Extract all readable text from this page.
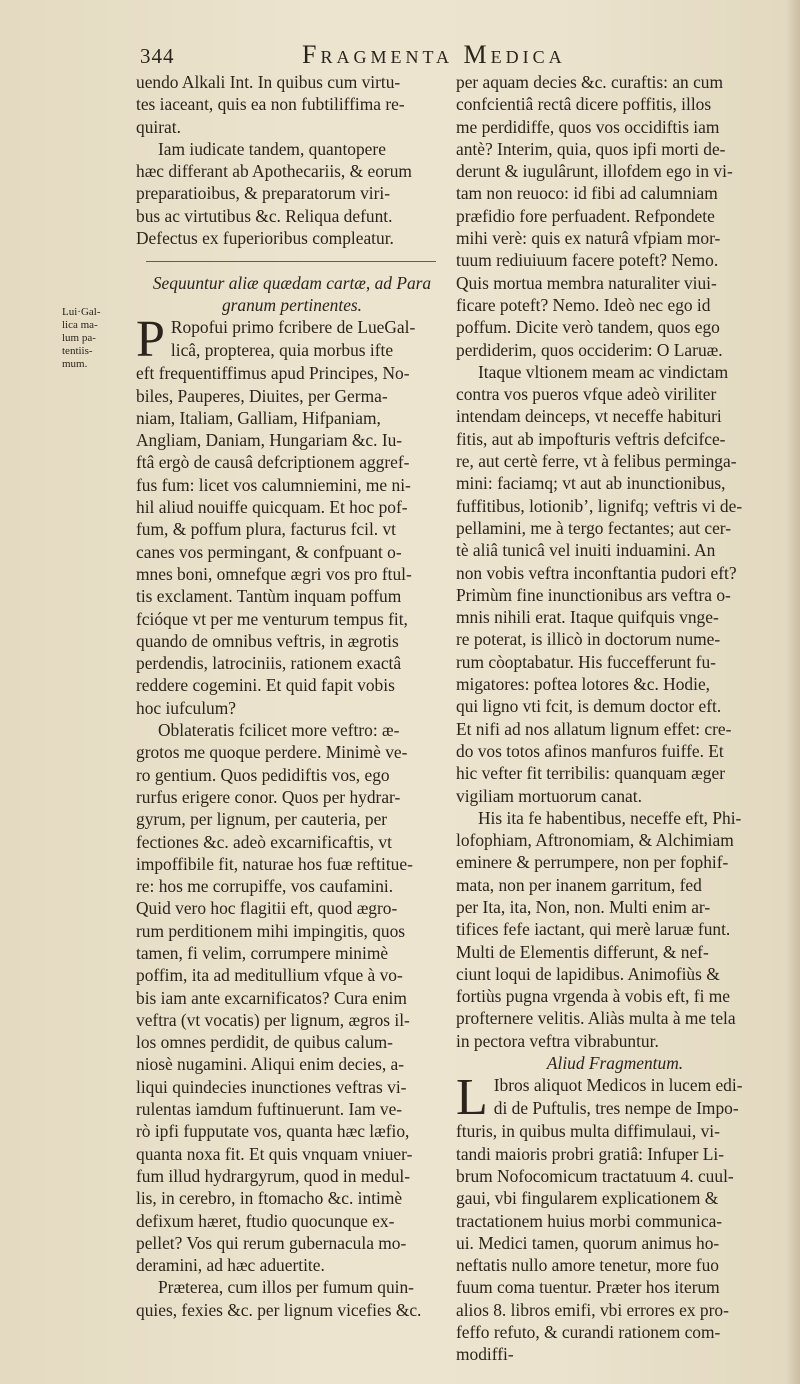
344	Fragmenta Medica
Lui·Gal-
lica ma-
lum pa-
tentiis-
mum.
uendo Alkali Int. In quibus cum virtu-
tes iaceant, quis ea non fubtiliffima re-
quirat.
Iam iudicate tandem, quantopere
hæc differant ab Apothecariis, & eorum
preparatioibus, & preparatorum viri-
bus ac virtutibus &c. Reliqua defunt.
Defectus ex fuperioribus compleatur.
Sequuntur aliæ quædam cartæ, ad Para
granum pertinentes.
P Ropofui primo fcribere de LueGal-
licâ, propterea, quia morbus ifte
eft frequentiffimus apud Principes, No-
biles, Pauperes, Diuites, per Germa-
niam, Italiam, Galliam, Hifpaniam,
Angliam, Daniam, Hungariam &c. Iu-
ftâ ergò de causâ defcriptionem aggref-
fus fum: licet vos calumniemini, me ni-
hil aliud nouiffe quicquam. Et hoc pof-
fum, & poffum plura, facturus fcil. vt
canes vos permingant, & confpuant o-
mnes boni, omnefque ægri vos pro ftul-
tis exclament. Tantùm inquam poffum
fcióque vt per me venturum tempus fit,
quando de omnibus veftris, in ægrotis
perdendis, latrociniis, rationem exactâ
reddere cogemini. Et quid fapit vobis
hoc iufculum?
Oblateratis fcilicet more veftro: æ-
grotos me quoque perdere. Minimè ve-
ro gentium. Quos pedidiftis vos, ego
rurfus erigere conor. Quos per hydrar-
gyrum, per lignum, per cauteria, per
fectiones &c. adeò excarnificaftis, vt
impoffibile fit, naturae hos fuæ reftitue-
re: hos me corrupiffe, vos caufamini.
Quid vero hoc flagitii eft, quod ægro-
rum perditionem mihi impingitis, quos
tamen, fi velim, corrumpere minimè
poffim, ita ad meditullium vfque à vo-
bis iam ante excarnificatos? Cura enim
veftra (vt vocatis) per lignum, ægros il-
los omnes perdidit, de quibus calum-
niosè nugamini. Aliqui enim decies, a-
liqui quindecies inunctiones veftras vi-
rulentas iamdum fuftinuerunt. Iam ve-
rò ipfi fupputate vos, quanta hæc læfio,
quanta noxa fit. Et quis vnquam vniuer-
fum illud hydrargyrum, quod in medul-
lis, in cerebro, in ftomacho &c. intimè
defixum hæret, ftudio quocunque ex-
pellet? Vos qui rerum gubernacula mo-
deramini, ad hæc aduertite.
Præterea, cum illos per fumum quin-
quies, fexies &c. per lignum vicefies &c.
per aquam decies &c. curaftis: an cum
confcientiâ rectâ dicere poffitis, illos
me perdidiffe, quos vos occidiftis iam
antè? Interim, quia, quos ipfi morti de-
derunt & iugulârunt, illofdem ego in vi-
tam non reuoco: id fibi ad calumniam
præfidio fore perfuadent. Refpondete
mihi verè: quis ex naturâ vfpiam mor-
tuum rediuiuum facere poteft? Nemo.
Quis mortua membra naturaliter viui-
ficare poteft? Nemo. Ideò nec ego id
poffum. Dicite verò tandem, quos ego
perdiderim, quos occiderim: O Laruæ.
Itaque vltionem meam ac vindictam
contra vos pueros vfque adeò viriliter
intendam deinceps, vt neceffe habituri
fitis, aut ab impofturis veftris defcifce-
re, aut certè ferre, vt à felibus perminga-
mini: faciamq; vt aut ab inunctionibus,
fuffitibus, lotionib’, lignifq; veftris vi de-
pellamini, me à tergo fectantes; aut cer-
tè aliâ tunicâ vel inuiti induamini. An
non vobis veftra inconftantia pudori eft?
Primùm fine inunctionibus ars veftra o-
mnis nihili erat. Itaque quifquis vnge-
re poterat, is illicò in doctorum nume-
rum còoptabatur. His fuccefferunt fu-
migatores: poftea lotores &c. Hodie,
qui ligno vti fcit, is demum doctor eft.
Et nifi ad nos allatum lignum effet: cre-
do vos totos afinos manfuros fuiffe. Et
hic vefter fit terribilis: quanquam æger
vigiliam mortuorum canat.
His ita fe habentibus, neceffe eft, Phi-
lofophiam, Aftronomiam, & Alchimiam
eminere & perrumpere, non per fophif-
mata, non per inanem garritum, fed
per Ita, ita, Non, non. Multi enim ar-
tifices fefe iactant, qui merè laruæ funt.
Multi de Elementis differunt, & nef-
ciunt loqui de lapidibus. Animofiùs &
fortiùs pugna vrgenda à vobis eft, fi me
profternere velitis. Aliàs multa à me tela
in pectora veftra vibrabuntur.
Aliud Fragmentum.
L Ibros aliquot Medicos in lucem edi-
di de Puftulis, tres nempe de Impo-
fturis, in quibus multa diffimulaui, vi-
tandi maioris probri gratiâ: Infuper Li-
brum Nofocomicum tractatuum 4. cuul-
gaui, vbi fingularem explicationem &
tractationem huius morbi communica-
ui. Medici tamen, quorum animus ho-
neftatis nullo amore tenetur, more fuo
fuum coma tuentur. Præter hos iterum
alios 8. libros emifi, vbi errores ex pro-
feffo refuto, & curandi rationem com-
modiffi-
